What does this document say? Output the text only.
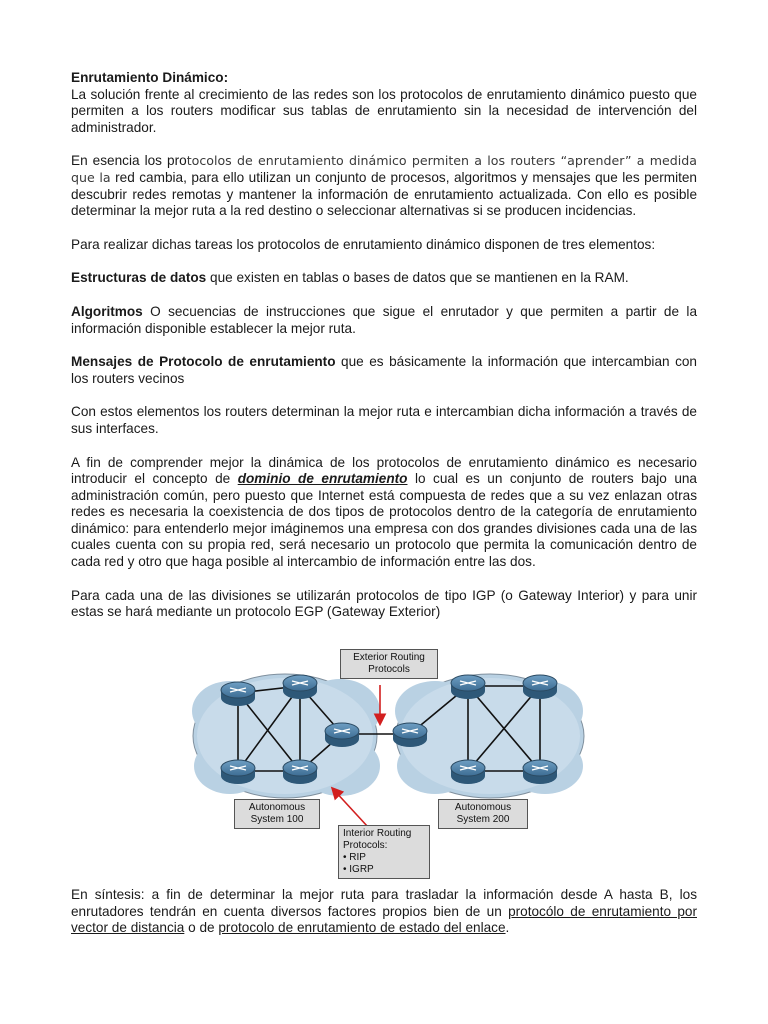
Enrutamiento Dinámico:

La solución frente al crecimiento de las redes son los protocolos de enrutamiento dinámico puesto que permiten a los routers modificar sus tablas de enrutamiento sin la necesidad de intervención del administrador.

En esencia los protocolos de enrutamiento dinámico permiten a los routers “aprender” a medida que la red cambia, para ello utilizan un conjunto de procesos, algoritmos y mensajes que les permiten descubrir redes remotas y mantener la información de enrutamiento actualizada. Con ello es posible determinar la mejor ruta a la red destino o seleccionar alternativas si se producen incidencias.

Para realizar dichas tareas los protocolos de enrutamiento dinámico disponen de tres elementos:

Estructuras de datos que existen en tablas o bases de datos que se mantienen en la RAM.

Algoritmos O secuencias de instrucciones que sigue el enrutador y que permiten a partir de la información disponible establecer la mejor ruta.

Mensajes de Protocolo de enrutamiento que es básicamente la información que intercambian con los routers vecinos

Con estos elementos los routers determinan la mejor ruta e intercambian dicha información a través de sus interfaces.

A fin de comprender mejor la dinámica de los protocolos de enrutamiento dinámico es necesario introducir el concepto de dominio de enrutamiento lo cual es un conjunto de routers bajo una administración común, pero puesto que Internet está compuesta de redes que a su vez enlazan otras redes es necesaria la coexistencia de dos tipos de protocolos dentro de la categoría de enrutamiento dinámico: para entenderlo mejor imáginemos una empresa con dos grandes divisiones cada una de las cuales cuenta con su propia red, será necesario un protocolo que permita la comunicación dentro de cada red y otro que haga posible al intercambio de información entre las dos.

Para cada una de las divisiones se utilizarán protocolos de tipo IGP (o Gateway Interior) y para unir estas se hará mediante un protocolo EGP (Gateway Exterior)

Exterior Routing
Protocols
Autonomous
System 100
Autonomous
System 200
Interior Routing
Protocols:
• RIP
• IGRP

En síntesis: a fin de determinar la mejor ruta para trasladar la información desde A hasta B, los enrutadores tendrán en cuenta diversos factores propios bien de un protocólo de enrutamiento por vector de distancia o de protocolo de enrutamiento de estado del enlace.
